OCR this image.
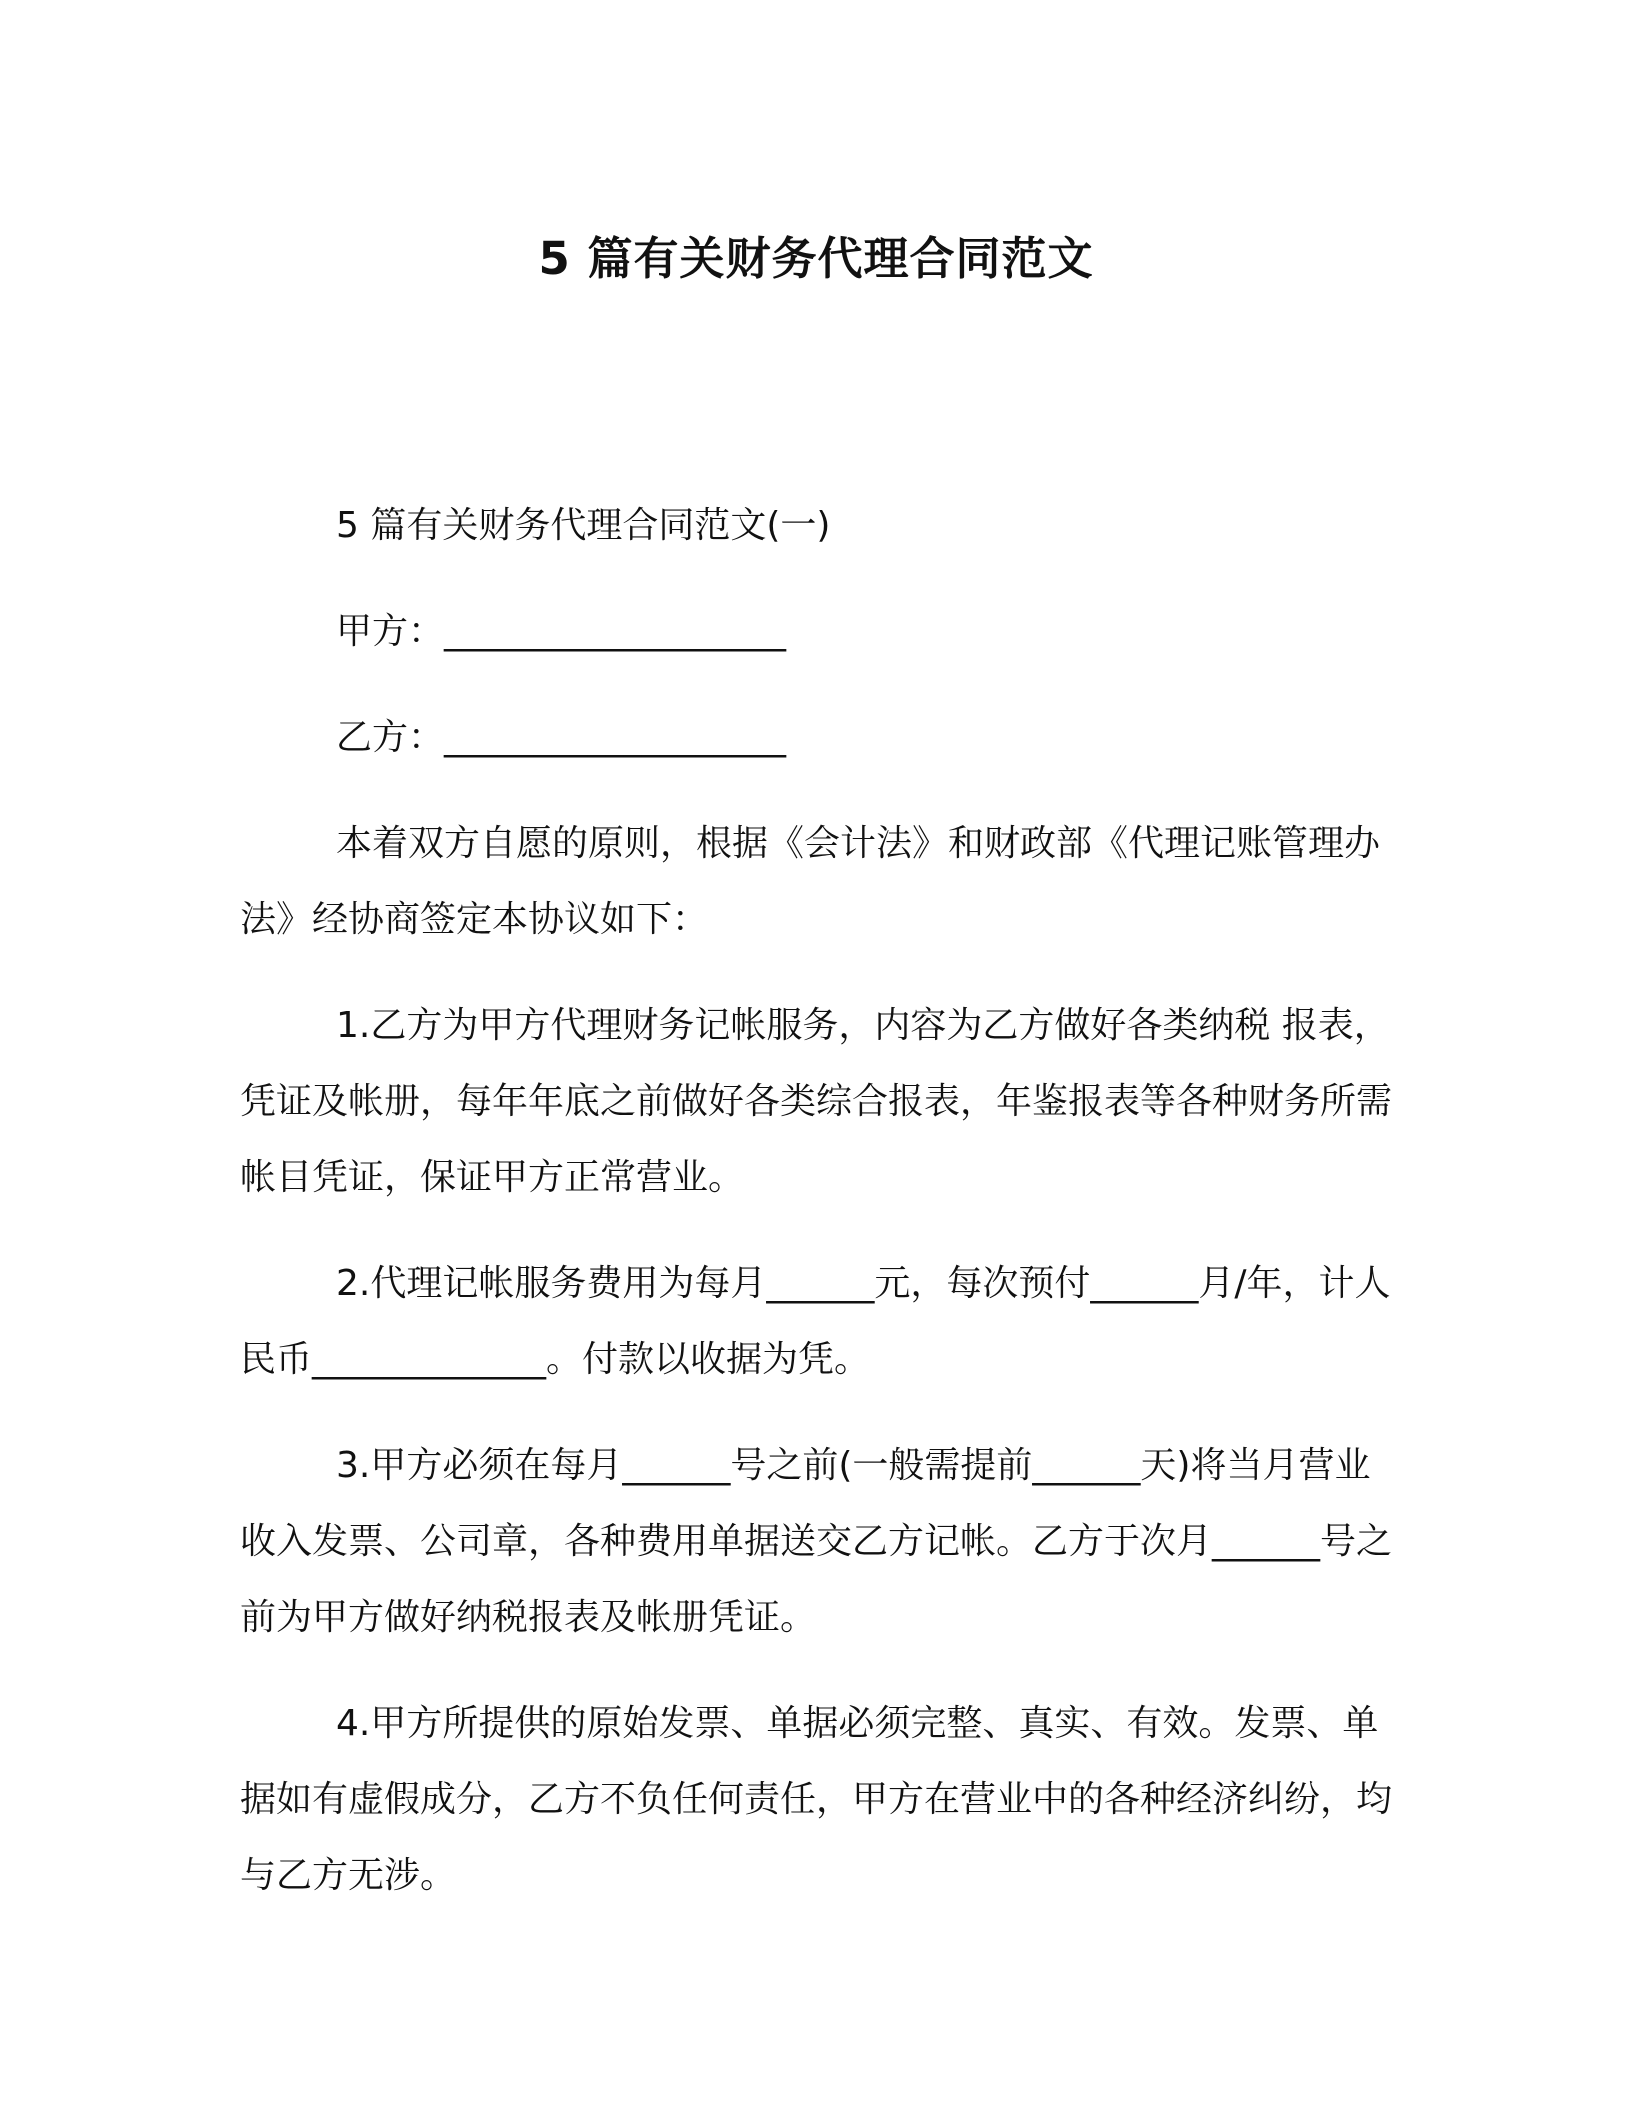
5 篇有关财务代理合同范文

5 篇有关财务代理合同范文(一)

甲方：___________________

乙方：___________________

本着双方自愿的原则，根据《会计法》和财政部《代理记账管理办法》经协商签定本协议如下：

1.乙方为甲方代理财务记帐服务，内容为乙方做好各类纳税 报表，凭证及帐册，每年年底之前做好各类综合报表，年鉴报表等各种财务所需帐目凭证，保证甲方正常营业。

2.代理记帐服务费用为每月______元，每次预付______月/年，计人民币_____________。付款以收据为凭。

3.甲方必须在每月______号之前(一般需提前______天)将当月营业收入发票、公司章，各种费用单据送交乙方记帐。乙方于次月______号之前为甲方做好纳税报表及帐册凭证。

4.甲方所提供的原始发票、单据必须完整、真实、有效。发票、单据如有虚假成分，乙方不负任何责任，甲方在营业中的各种经济纠纷，均与乙方无涉。
